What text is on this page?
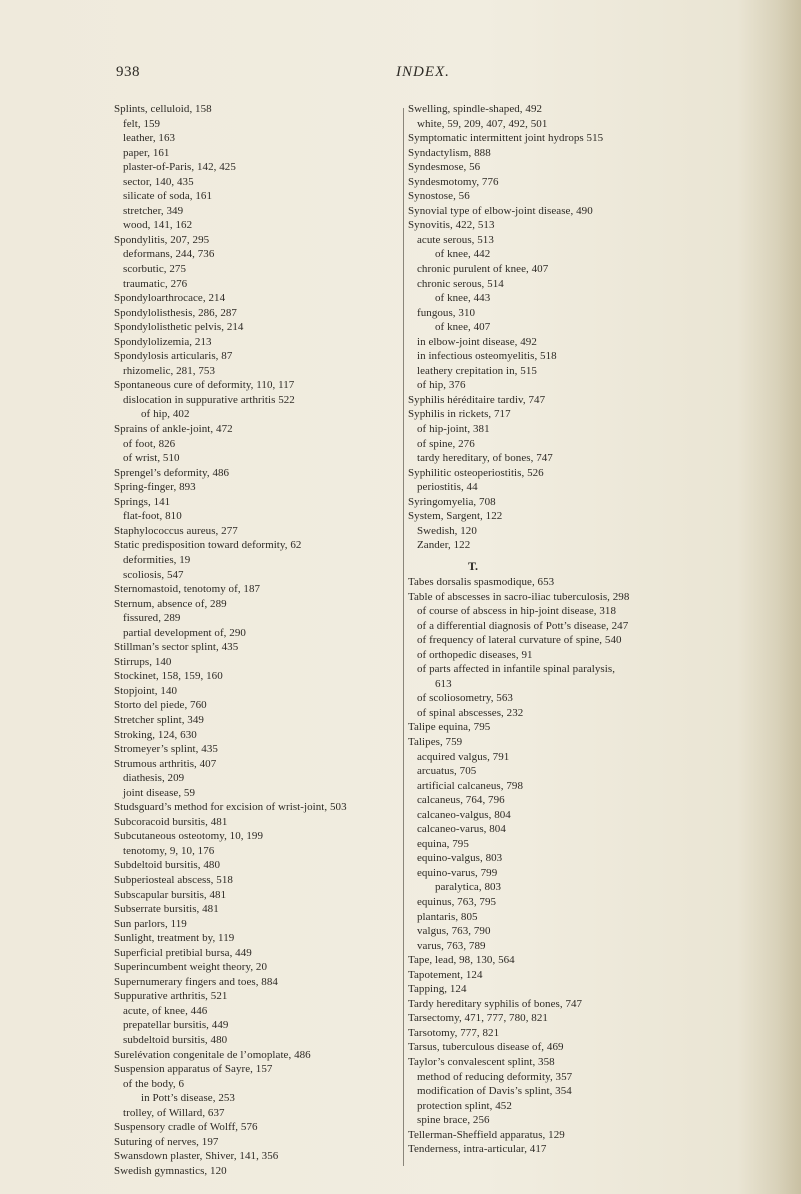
938	INDEX.
Splints, celluloid, 158
felt, 159
leather, 163
paper, 161
plaster-of-Paris, 142, 425
sector, 140, 435
silicate of soda, 161
stretcher, 349
wood, 141, 162
Spondylitis, 207, 295
deformans, 244, 736
scorbutic, 275
traumatic, 276
Spondyloarthrocace, 214
Spondylolisthesis, 286, 287
Spondylolisthetic pelvis, 214
Spondylolizemia, 213
Spondylosis articularis, 87
rhizomelic, 281, 753
Spontaneous cure of deformity, 110, 117
dislocation in suppurative arthritis 522
of hip, 402
Sprains of ankle-joint, 472
of foot, 826
of wrist, 510
Sprengel’s deformity, 486
Spring-finger, 893
Springs, 141
flat-foot, 810
Staphylococcus aureus, 277
Static predisposition toward deformity, 62
deformities, 19
scoliosis, 547
Sternomastoid, tenotomy of, 187
Sternum, absence of, 289
fissured, 289
partial development of, 290
Stillman’s sector splint, 435
Stirrups, 140
Stockinet, 158, 159, 160
Stopjoint, 140
Storto del piede, 760
Stretcher splint, 349
Stroking, 124, 630
Stromeyer’s splint, 435
Strumous arthritis, 407
diathesis, 209
joint disease, 59
Studsguard’s method for excision of wrist-joint, 503
Subcoracoid bursitis, 481
Subcutaneous osteotomy, 10, 199
tenotomy, 9, 10, 176
Subdeltoid bursitis, 480
Subperiosteal abscess, 518
Subscapular bursitis, 481
Subserrate bursitis, 481
Sun parlors, 119
Sunlight, treatment by, 119
Superficial pretibial bursa, 449
Superincumbent weight theory, 20
Supernumerary fingers and toes, 884
Suppurative arthritis, 521
acute, of knee, 446
prepatellar bursitis, 449
subdeltoid bursitis, 480
Surelévation congenitale de l’omoplate, 486
Suspension apparatus of Sayre, 157
of the body, 6
in Pott’s disease, 253
trolley, of Willard, 637
Suspensory cradle of Wolff, 576
Suturing of nerves, 197
Swansdown plaster, Shiver, 141, 356
Swedish gymnastics, 120
Swelling, spindle-shaped, 492
white, 59, 209, 407, 492, 501
Symptomatic intermittent joint hydrops 515
Syndactylism, 888
Syndesmose, 56
Syndesmotomy, 776
Synostose, 56
Synovial type of elbow-joint disease, 490
Synovitis, 422, 513
acute serous, 513
of knee, 442
chronic purulent of knee, 407
chronic serous, 514
of knee, 443
fungous, 310
of knee, 407
in elbow-joint disease, 492
in infectious osteomyelitis, 518
leathery crepitation in, 515
of hip, 376
Syphilis héréditaire tardiv, 747
Syphilis in rickets, 717
of hip-joint, 381
of spine, 276
tardy hereditary, of bones, 747
Syphilitic osteoperiostitis, 526
periostitis, 44
Syringomyelia, 708
System, Sargent, 122
Swedish, 120
Zander, 122
T.
Tabes dorsalis spasmodique, 653
Table of abscesses in sacro-iliac tuberculosis, 298
of course of abscess in hip-joint disease, 318
of a differential diagnosis of Pott’s disease, 247
of frequency of lateral curvature of spine, 540
of orthopedic diseases, 91
of parts affected in infantile spinal paralysis,
613
of scoliosometry, 563
of spinal abscesses, 232
Talipe equina, 795
Talipes, 759
acquired valgus, 791
arcuatus, 705
artificial calcaneus, 798
calcaneus, 764, 796
calcaneo-valgus, 804
calcaneo-varus, 804
equina, 795
equino-valgus, 803
equino-varus, 799
paralytica, 803
equinus, 763, 795
plantaris, 805
valgus, 763, 790
varus, 763, 789
Tape, lead, 98, 130, 564
Tapotement, 124
Tapping, 124
Tardy hereditary syphilis of bones, 747
Tarsectomy, 471, 777, 780, 821
Tarsotomy, 777, 821
Tarsus, tuberculous disease of, 469
Taylor’s convalescent splint, 358
method of reducing deformity, 357
modification of Davis’s splint, 354
protection splint, 452
spine brace, 256
Tellerman-Sheffield apparatus, 129
Tenderness, intra-articular, 417
